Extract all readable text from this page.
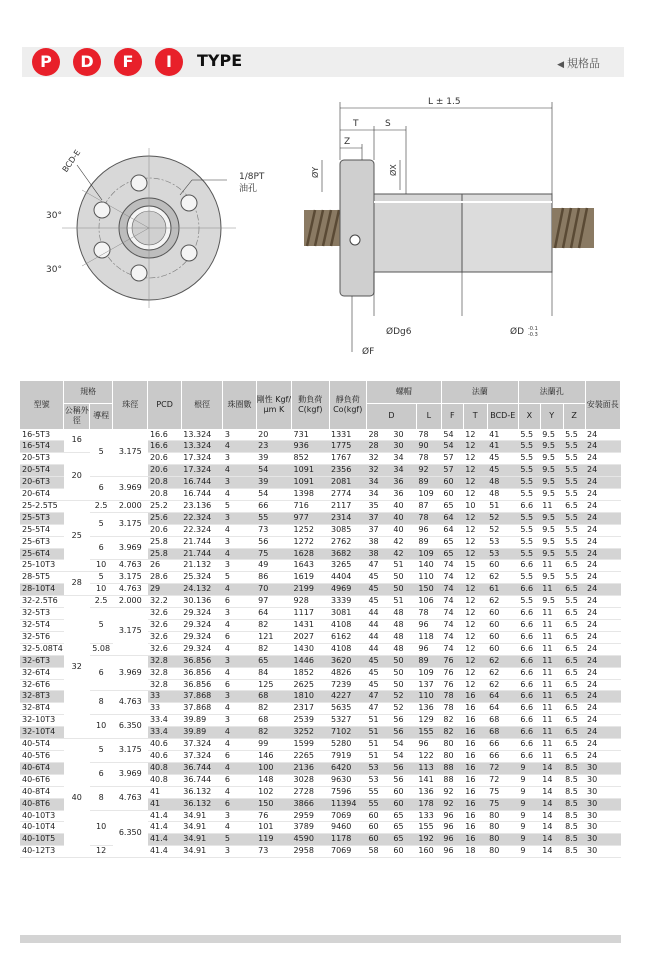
P	D	F	I	TYPE	◀ 規格品
BCD-E
1/8PT
油孔
30°
30°
L ± 1.5
T	S
Z
ØY	ØX
ØDg6	ØD -0.1
-0.3
ØF
型號	規格		珠徑	PCD	根徑	珠圈數	剛性 Kgf/μm K	動負荷 C(kgf)	靜負荷 Co(kgf)	螺帽			法蘭			法蘭孔			安裝面長
	公稱外徑	導程								D		L	F	T	BCD-E	X	Y	Z	
16-5T3	16	5	3.175	16.6	13.324	3	20	731	1331	28	30	78	54	12	41	5.5	9.5	5.5	24
16-5T4				16.6	13.324	4	23	936	1775	28	30	90	54	12	41	5.5	9.5	5.5	24
20-5T3	20			20.6	17.324	3	39	852	1767	32	34	78	57	12	45	5.5	9.5	5.5	24
20-5T4				20.6	17.324	4	54	1091	2356	32	34	92	57	12	45	5.5	9.5	5.5	24
20-6T3		6	3.969	20.8	16.744	3	39	1091	2081	34	36	89	60	12	48	5.5	9.5	5.5	24
20-6T4				20.8	16.744	4	54	1398	2774	34	36	109	60	12	48	5.5	9.5	5.5	24
25-2.5T5	25	2.5	2.000	25.2	23.136	5	66	716	2117	35	40	87	65	10	51	6.6	11	6.5	24
25-5T3		5	3.175	25.6	22.324	3	55	977	2314	37	40	78	64	12	52	5.5	9.5	5.5	24
25-5T4				20.6	22.324	4	73	1252	3085	37	40	96	64	12	52	5.5	9.5	5.5	24
25-6T3		6	3.969	25.8	21.744	3	56	1272	2762	38	42	89	65	12	53	5.5	9.5	5.5	24
25-6T4				25.8	21.744	4	75	1628	3682	38	42	109	65	12	53	5.5	9.5	5.5	24
25-10T3		10	4.763	26	21.132	3	49	1643	3265	47	51	140	74	15	60	6.6	11	6.5	24
28-5T5	28	5	3.175	28.6	25.324	5	86	1619	4404	45	50	110	74	12	62	5.5	9.5	5.5	24
28-10T4		10	4.763	29	24.132	4	70	2199	4969	45	50	150	74	12	61	6.6	11	6.5	24
32-2.5T6	32	2.5	2.000	32.2	30.136	6	97	928	3339	45	51	106	74	12	62	5.5	9.5	5.5	24
32-5T3		5	3.175	32.6	29.324	3	64	1117	3081	44	48	78	74	12	60	6.6	11	6.5	24
32-5T4				32.6	29.324	4	82	1431	4108	44	48	96	74	12	60	6.6	11	6.5	24
32-5T6				32.6	29.324	6	121	2027	6162	44	48	118	74	12	60	6.6	11	6.5	24
32-5.08T4		5.08		32.6	29.324	4	82	1430	4108	44	48	96	74	12	60	6.6	11	6.5	24
32-6T3		6	3.969	32.8	36.856	3	65	1446	3620	45	50	89	76	12	62	6.6	11	6.5	24
32-6T4				32.8	36.856	4	84	1852	4826	45	50	109	76	12	62	6.6	11	6.5	24
32-6T6				32.8	36.856	6	125	2625	7239	45	50	137	76	12	62	6.6	11	6.5	24
32-8T3		8	4.763	33	37.868	3	68	1810	4227	47	52	110	78	16	64	6.6	11	6.5	24
32-8T4				33	37.868	4	82	2317	5635	47	52	136	78	16	64	6.6	11	6.5	24
32-10T3		10	6.350	33.4	39.89	3	68	2539	5327	51	56	129	82	16	68	6.6	11	6.5	24
32-10T4				33.4	39.89	4	82	3252	7102	51	56	155	82	16	68	6.6	11	6.5	24
40-5T4	40	5	3.175	40.6	37.324	4	99	1599	5280	51	54	96	80	16	66	6.6	11	6.5	24
40-5T6				40.6	37.324	6	146	2265	7919	51	54	122	80	16	66	6.6	11	6.5	24
40-6T4		6	3.969	40.8	36.744	4	100	2136	6420	53	56	113	88	16	72	9	14	8.5	30
40-6T6				40.8	36.744	6	148	3028	9630	53	56	141	88	16	72	9	14	8.5	30
40-8T4		8	4.763	41	36.132	4	102	2728	7596	55	60	136	92	16	75	9	14	8.5	30
40-8T6				41	36.132	6	150	3866	11394	55	60	178	92	16	75	9	14	8.5	30
40-10T3		10	6.350	41.4	34.91	3	76	2959	7069	60	65	133	96	16	80	9	14	8.5	30
40-10T4				41.4	34.91	4	101	3789	9460	60	65	155	96	16	80	9	14	8.5	30
40-10T5				41.4	34.91	5	119	4590	1178	60	65	192	96	16	80	9	14	8.5	30
40-12T3		12		41.4	34.91	3	73	2958	7069	58	60	160	96	18	80	9	14	8.5	30
